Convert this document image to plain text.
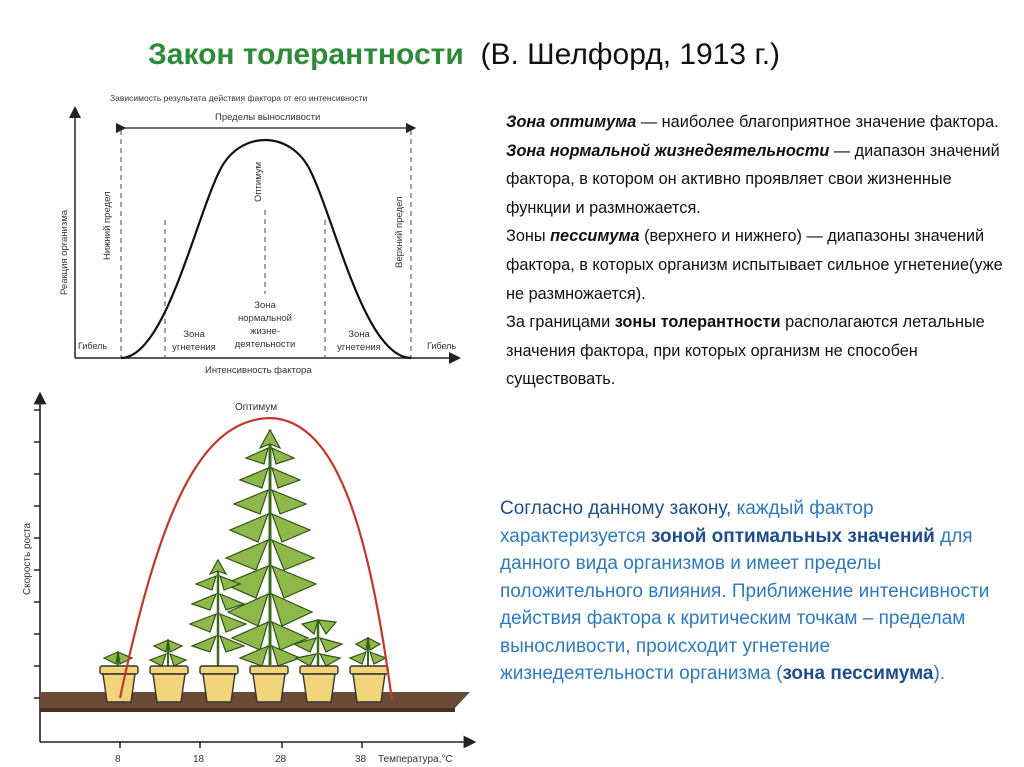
Закон толерантности (В. Шелфорд, 1913 г.)
Зависимость результата действия фактора от его интенсивности
Пределы выносливости
Реакция организма
Интенсивность фактора
Нижний предел	Верхний предел
Оптимум
Гибель	Гибель
Зона
угнетения
Зона
нормальной
жизне-
деятельности
Зона
угнетения
Скорость роста
8	18	28	38 Температура,°С
Оптимум

Зона оптимума — наиболее благоприятное значение фактора.

Зона нормальной жизнедеятельности — диапазон значений фактора, в котором он активно проявляет свои жизненные функции и размножается.

Зоны пессимума (верхнего и нижнего) — диапазоны значений фактора, в которых организм испытывает сильное угнетение(уже не размножается).

За границами зоны толерантности располагаются летальные значения фактора, при которых организм не способен существовать.

Согласно данному закону, каждый фактор характеризуется зоной оптимальных значений для данного вида организмов и имеет пределы положительного влияния. Приближение интенсивности действия фактора к критическим точкам – пределам выносливости, происходит угнетение жизнедеятельности организма (зона пессимума).
